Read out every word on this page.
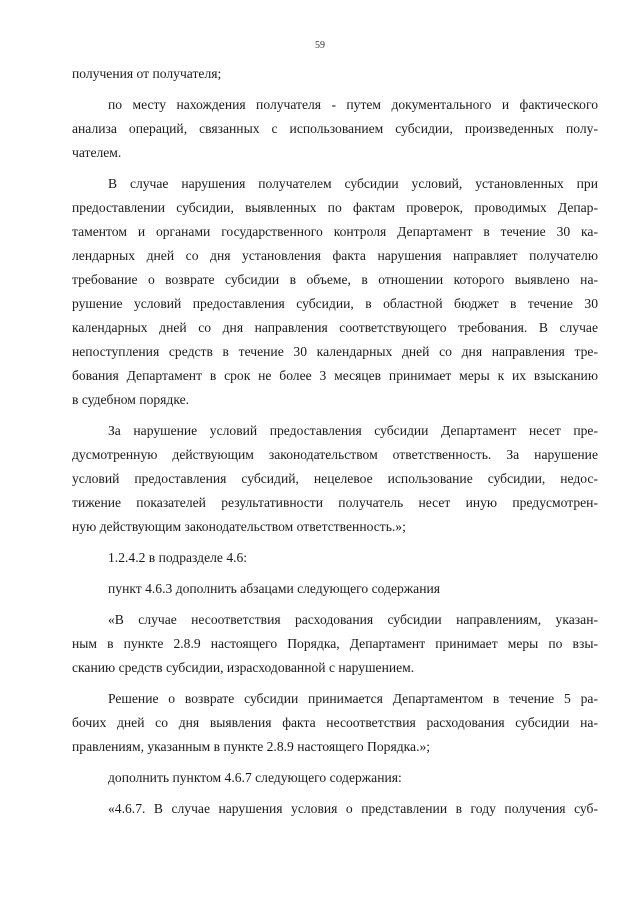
59
получения от получателя;
по месту нахождения получателя - путем документального и фактического
анализа операций, связанных с использованием субсидии, произведенных полу-
чателем.
В случае нарушения получателем субсидии условий, установленных при
предоставлении субсидии, выявленных по фактам проверок, проводимых Депар-
таментом и органами государственного контроля Департамент в течение 30 ка-
лендарных дней со дня установления факта нарушения направляет получателю
требование о возврате субсидии в объеме, в отношении которого выявлено на-
рушение условий предоставления субсидии, в областной бюджет в течение 30
календарных дней со дня направления соответствующего требования. В случае
непоступления средств в течение 30 календарных дней со дня направления тре-
бования Департамент в срок не более 3 месяцев принимает меры к их взысканию
в судебном порядке.
За нарушение условий предоставления субсидии Департамент несет пре-
дусмотренную действующим законодательством ответственность. За нарушение
условий предоставления субсидий, нецелевое использование субсидии, недос-
тижение показателей результативности получатель несет иную предусмотрен-
ную действующим законодательством ответственность.»;
1.2.4.2 в подразделе 4.6:
пункт 4.6.3 дополнить абзацами следующего содержания
«В случае несоответствия расходования субсидии направлениям, указан-
ным в пункте 2.8.9 настоящего Порядка, Департамент принимает меры по взы-
сканию средств субсидии, израсходованной с нарушением.
Решение о возврате субсидии принимается Департаментом в течение 5 ра-
бочих дней со дня выявления факта несоответствия расходования субсидии на-
правлениям, указанным в пункте 2.8.9 настоящего Порядка.»;
дополнить пунктом 4.6.7 следующего содержания:
«4.6.7. В случае нарушения условия о представлении в году получения суб-
